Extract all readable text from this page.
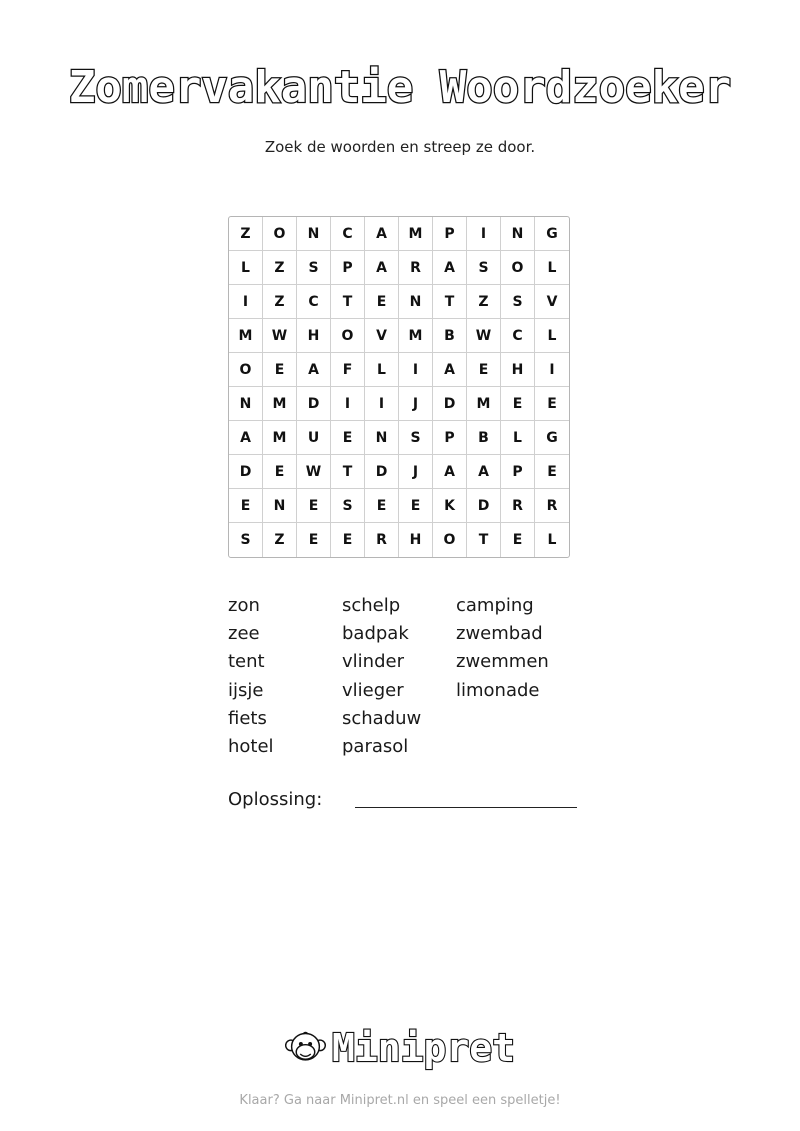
Zomervakantie Woordzoeker
Zoek de woorden en streep ze door.
Z	O	N	C	A	M	P	I	N	G
L	Z	S	P	A	R	A	S	O	L
I	Z	C	T	E	N	T	Z	S	V
M	W	H	O	V	M	B	W	C	L
O	E	A	F	L	I	A	E	H	I
N	M	D	I	I	J	D	M	E	E
A	M	U	E	N	S	P	B	L	G
D	E	W	T	D	J	A	A	P	E
E	N	E	S	E	E	K	D	R	R
S	Z	E	E	R	H	O	T	E	L
zon
zee
tent
ijsje
fiets
hotel
schelp
badpak
vlinder
vlieger
schaduw
parasol
camping
zwembad
zwemmen
limonade
Oplossing:
Minipret
Klaar? Ga naar Minipret.nl en speel een spelletje!
